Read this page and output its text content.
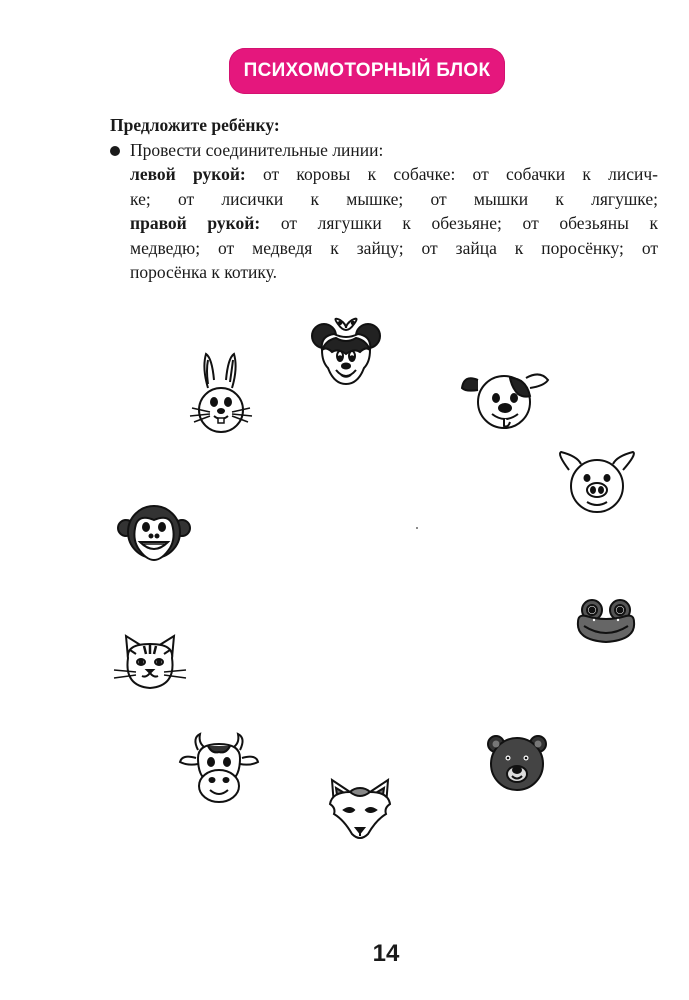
ПСИХОМОТОРНЫЙ БЛОК
Предложите ребёнку:
Провести соединительные линии:
левой рукой: от коровы к собачке: от собачки к лисич-
ке; от лисички к мышке; от мышки к лягушке;
правой рукой: от лягушки к обезьяне; от обезьяны к
медведю; от медведя к зайцу; от зайца к поросёнку; от
поросёнка к котику.
14
